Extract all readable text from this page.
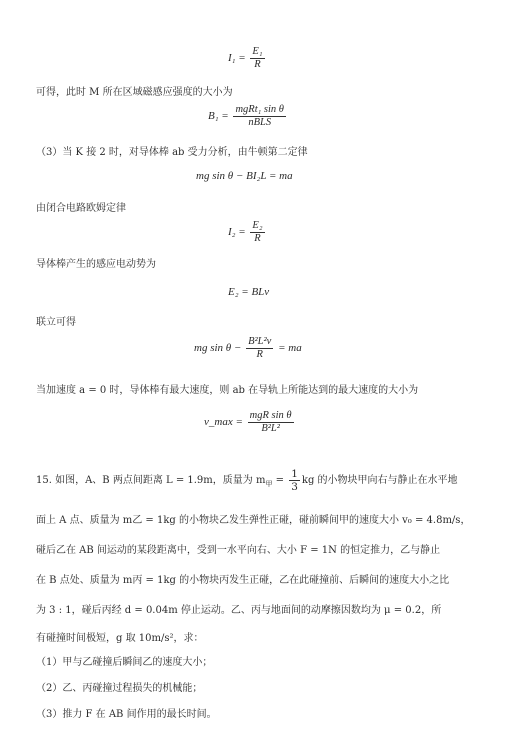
$I_1 = \frac{\text{E₁}}{R}$
可得，此时 M 所在区域磁感应强度的大小为
$B_1 = \frac{\text{mgRt₁ sin θ}}{\text{nBLS}}$
（3）当 K 接 2 时，对导体棒 ab 受力分析，由牛顿第二定律
mg sin θ − BI₂L = ma
由闭合电路欧姆定律
$I_2 = \frac{\text{E₂}}{R}$
导体棒产生的感应电动势为
E₂ = BLv
联立可得
mg $\sin \theta - \frac{\text{B²L²v}}{R}$ = ma
当加速度 a = 0 时，导体棒有最大速度，则 ab 在导轨上所能达到的最大速度的大小为
v_max = $\frac{\text{mgR sin θ}}{\text{B²L²}}$
15. 如图，A、B 两点间距离 L = 1.9m，质量为 $m_甲 = \frac{1}{3}$ kg 的小物块甲向右与静止在水平地
面上 A 点、质量为 m乙 = 1kg 的小物块乙发生弹性正碰，碰前瞬间甲的速度大小 v₀ = 4.8m/s，
碰后乙在 AB 间运动的某段距离中，受到一水平向右、大小 F = 1N 的恒定推力，乙与静止
在 B 点处、质量为 m丙 = 1kg 的小物块丙发生正碰，乙在此碰撞前、后瞬间的速度大小之比
为 3 : 1，碰后丙经 d = 0.04m 停止运动。乙、丙与地面间的动摩擦因数均为 μ = 0.2，所
有碰撞时间极短，g 取 10m/s²，求：
（1）甲与乙碰撞后瞬间乙的速度大小；
（2）乙、丙碰撞过程损失的机械能；
（3）推力 F 在 AB 间作用的最长时间。
